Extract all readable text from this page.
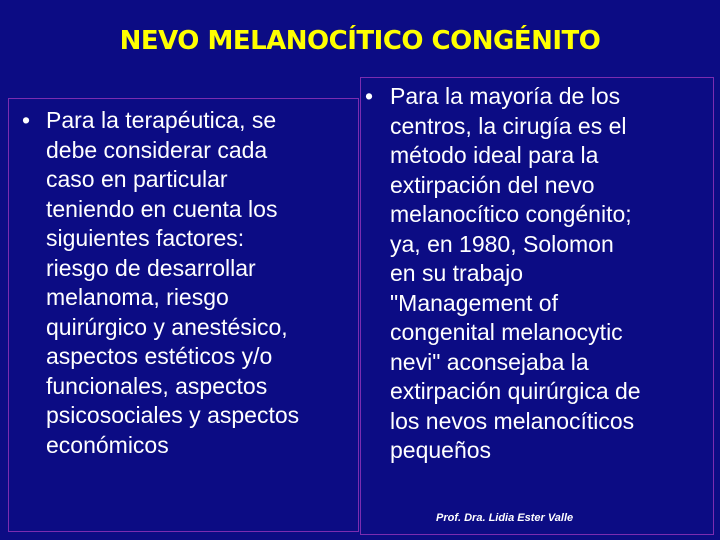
NEVO MELANOCÍTICO CONGÉNITO
• Para la terapéutica, se
debe considerar cada
caso en particular
teniendo en cuenta los
siguientes factores:
riesgo de desarrollar
melanoma, riesgo
quirúrgico y anestésico,
aspectos estéticos y/o
funcionales, aspectos
psicosociales y aspectos
económicos
• Para la mayoría de los
centros, la cirugía es el
método ideal para la
extirpación del nevo
melanocítico congénito;
ya, en 1980, Solomon
en su trabajo
"Management of
congenital melanocytic
nevi" aconsejaba la
extirpación quirúrgica de
los nevos melanocíticos
pequeños
Prof. Dra. Lidia Ester Valle
